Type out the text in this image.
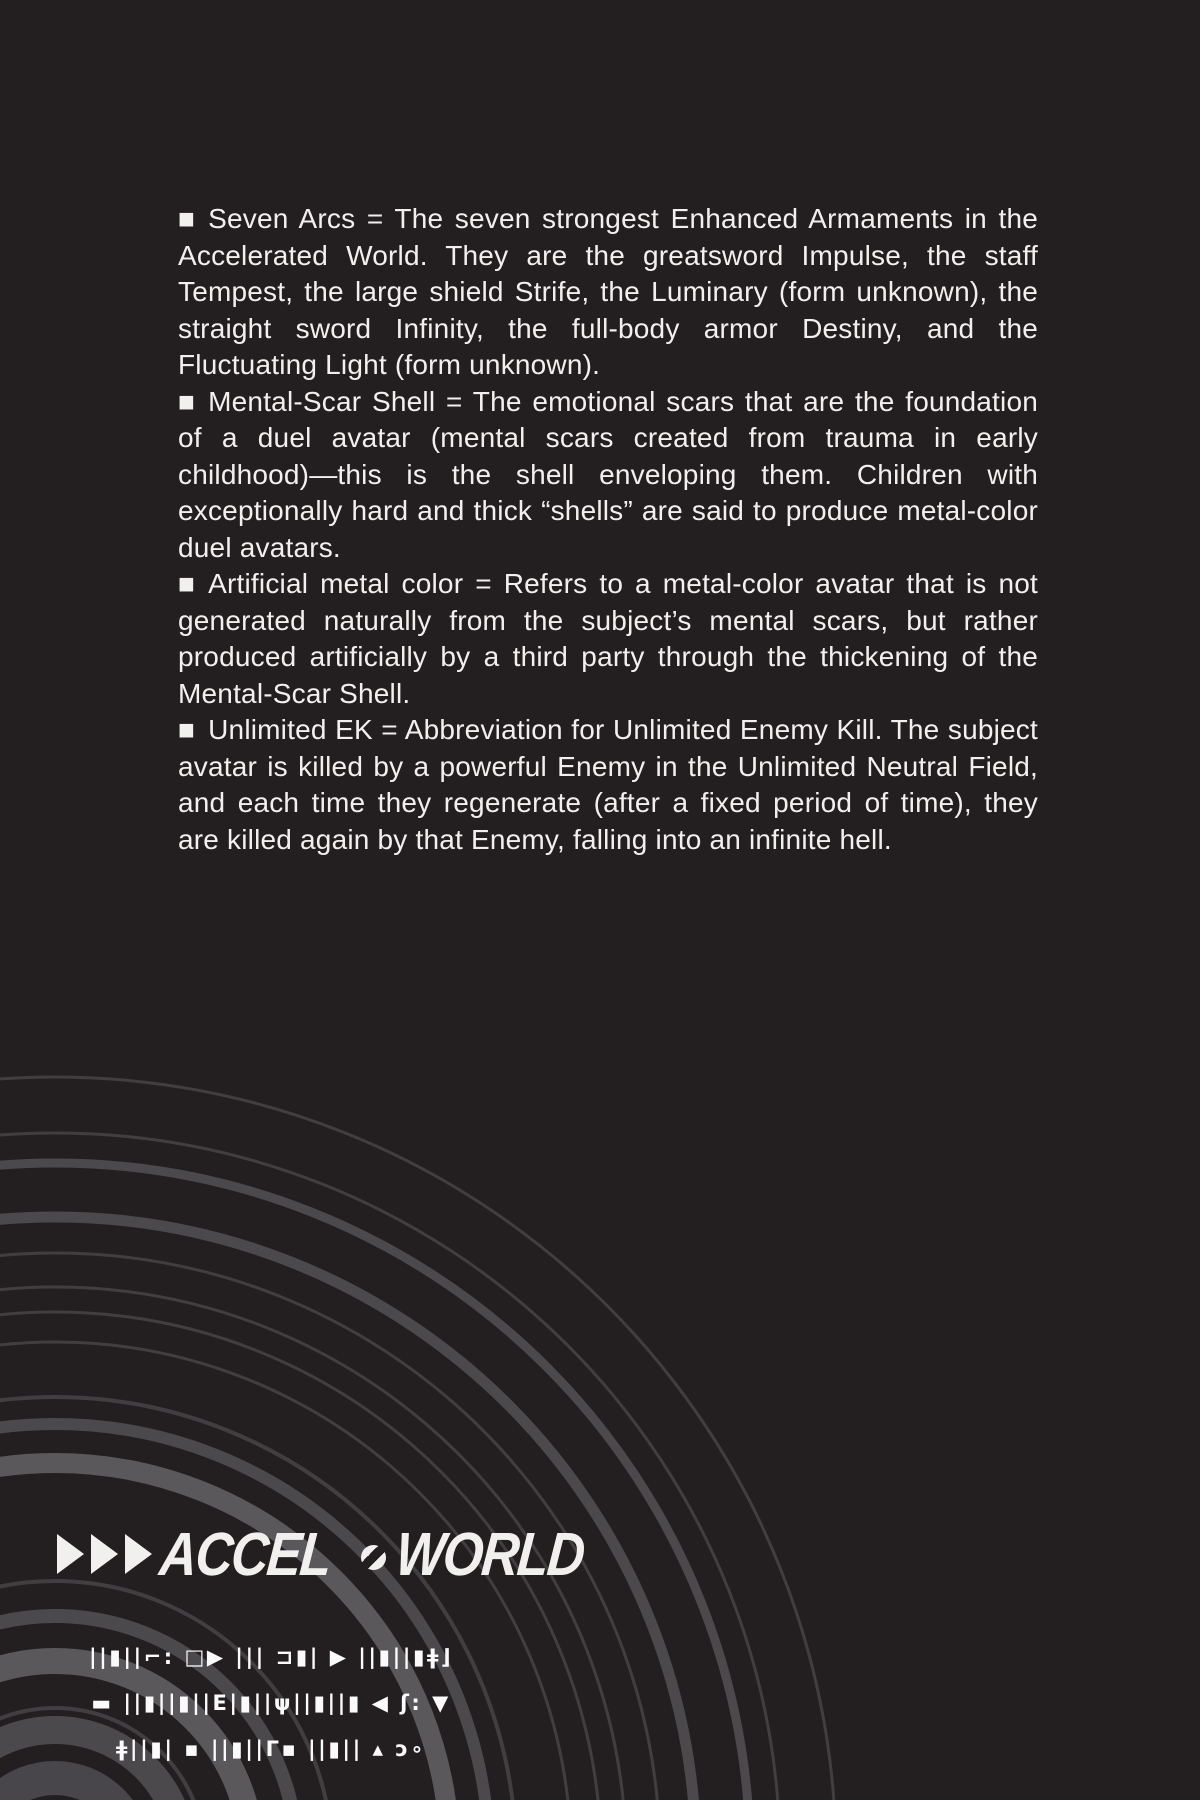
■ Seven Arcs = The seven strongest Enhanced Armaments in the Accelerated World. They are the greatsword Impulse, the staff Tempest, the large shield Strife, the Luminary (form unknown), the straight sword Infinity, the full-body armor Destiny, and the Fluctuating Light (form unknown).

■ Mental-Scar Shell = The emotional scars that are the foundation of a duel avatar (mental scars created from trauma in early childhood)—this is the shell enveloping them. Children with exceptionally hard and thick “shells” are said to produce metal-color duel avatars.

■ Artificial metal color = Refers to a metal-color avatar that is not generated naturally from the subject’s mental scars, but rather produced artificially by a third party through the thickening of the Mental-Scar Shell.

■ Unlimited EK = Abbreviation for Unlimited Enemy Kill. The subject avatar is killed by a powerful Enemy in the Unlimited Neutral Field, and each time they regenerate (after a fixed period of time), they are killed again by that Enemy, falling into an infinite hell.

ACCEL WORLD
||▮||⌐: □▶ ||| ⊐▮| ▶ ||▮||▮ǂ⌋
▬ ||▮||▮||Ε|▮||ψ||▮||▮ ◀ ʃ: ▼
ǂ||▮| ▪ ||▮||Γ▪ ||▮|| ▴ ɔ∘
